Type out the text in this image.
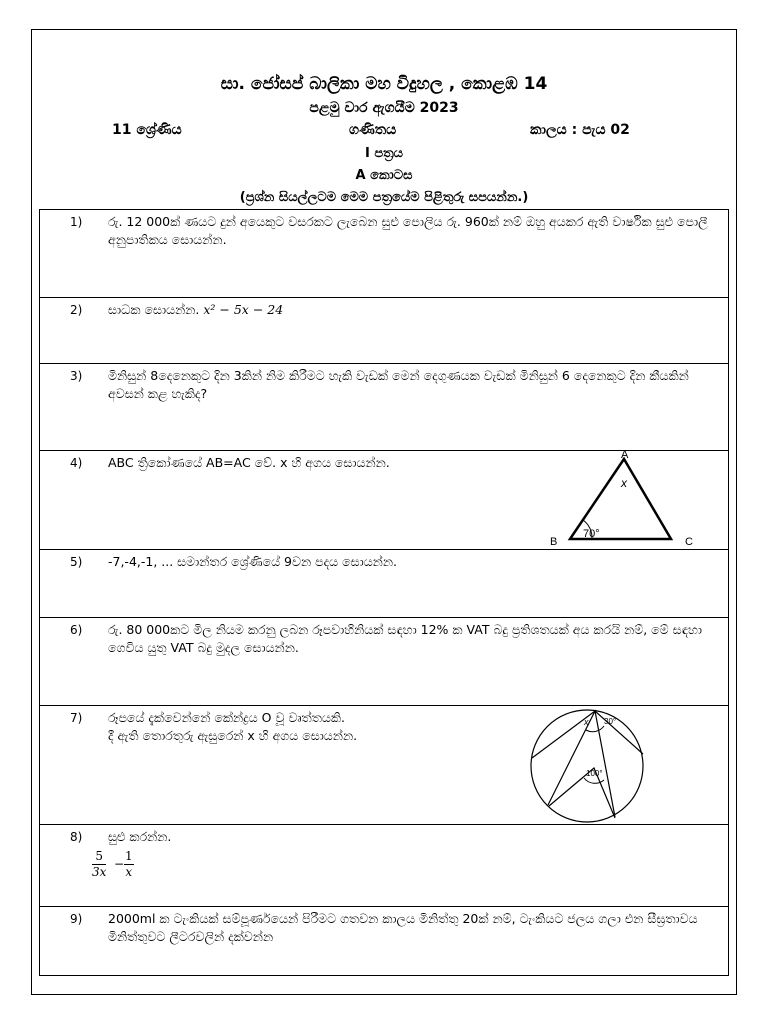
සා. ජෝසප් බාලිකා මහ විදුහල , කොළඹ 14
පළමු වාර ඇගයීම 2023
11 ශ්‍රේණිය	ගණිතය	කාලය : පැය 02
I පත්‍රය
A කොටස
(ප්‍රශ්න සියල්ලටම මෙම පත්‍රයේම පිළිතුරු සපයන්න.)
1) රු. 12 000ක් ණයට දුන් අයෙකුට වසරකට ලැබෙන සුළු පොලිය රු. 960ක් නම් ඔහු අයකර ඇති වාර්ෂික සුළු පොලී අනුපාතිකය සොයන්න.
2) සාධක සොයන්න. x² − 5x − 24
3) මිනිසුන් 8දෙනෙකුට දින 3කින් නිම කිරීමට හැකි වැඩක් මෙන් දෙගුණයක වැඩක් මිනිසුන් 6 දෙනෙකුට දින කීයකින් අවසන් කළ හැකිද?
4) ABC ත්‍රිකෝණයේ AB=AC වේ. x හි අගය සොයන්න.	A
B	C
x
70°
5) -7,-4,-1, ... සමාන්තර ශ්‍රේණියේ 9වන පදය සොයන්න.
6) රු. 80 000කට මිල නියම කරනු ලබන රූපවාහිනියක් සඳහා 12% ක VAT බදු ප්‍රතිශතයක් අය කරයි නම්, මේ සඳහා ගෙවිය යුතු VAT බදු මුදල සොයන්න.
7) රූපයේ දැක්වෙන්නේ කේන්ද්‍රය O වූ වෘත්තයකි.
දී ඇති තොරතුරු ඇසුරෙන් x හි අගය සොයන්න.
x 30°
100°
8) සුළු කරන්න.
$\frac{5}{3x} - \frac{1}{x}$
9) 2000ml ක ටැංකියක් සම්පූර්ණයෙන් පිරීමට ගතවන කාලය මිනිත්තු 20ක් නම්, ටැංකියට ජලය ගලා එන සීඝ්‍රතාවය මිනිත්තුවට ලීටරවලින් දක්වන්න
